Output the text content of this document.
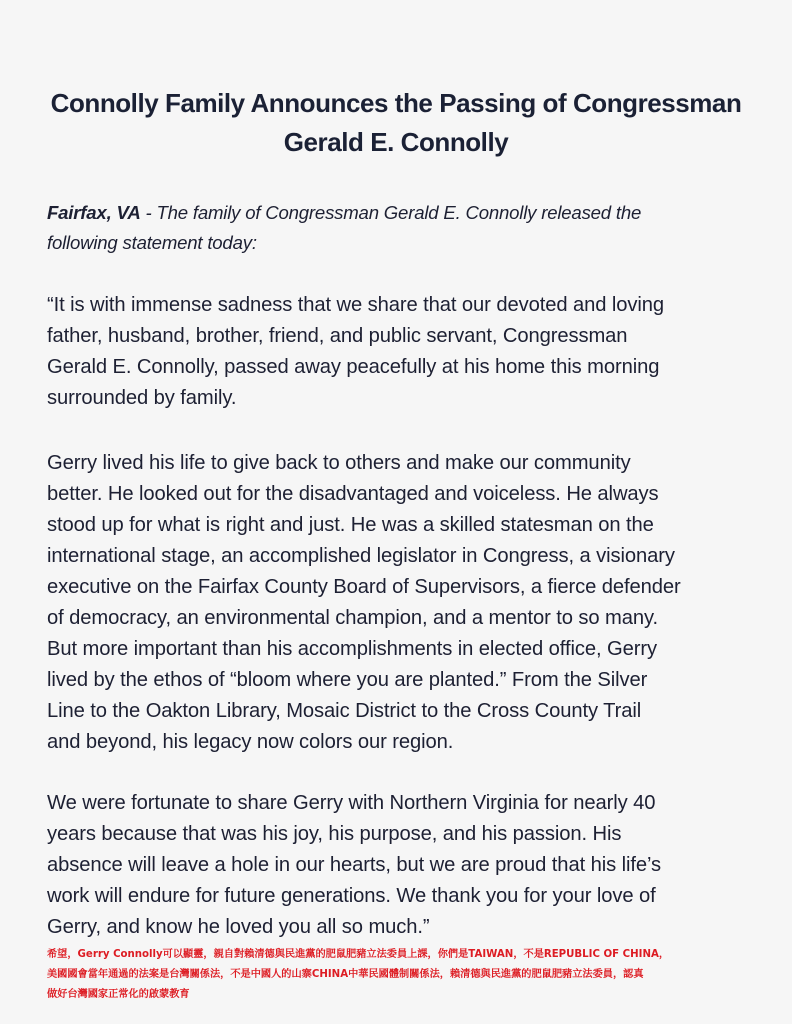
Connolly Family Announces the Passing of Congressman
Gerald E. Connolly

Fairfax, VA - The family of Congressman Gerald E. Connolly released the
following statement today:

“It is with immense sadness that we share that our devoted and loving
father, husband, brother, friend, and public servant, Congressman
Gerald E. Connolly, passed away peacefully at his home this morning
surrounded by family.

Gerry lived his life to give back to others and make our community
better. He looked out for the disadvantaged and voiceless. He always
stood up for what is right and just. He was a skilled statesman on the
international stage, an accomplished legislator in Congress, a visionary
executive on the Fairfax County Board of Supervisors, a fierce defender
of democracy, an environmental champion, and a mentor to so many.
But more important than his accomplishments in elected office, Gerry
lived by the ethos of “bloom where you are planted.” From the Silver
Line to the Oakton Library, Mosaic District to the Cross County Trail
and beyond, his legacy now colors our region.

We were fortunate to share Gerry with Northern Virginia for nearly 40
years because that was his joy, his purpose, and his passion. His
absence will leave a hole in our hearts, but we are proud that his life’s
work will endure for future generations. We thank you for your love of
Gerry, and know he loved you all so much.”

希望，Gerry Connolly可以顯靈，親自對賴清德與民進黨的肥鼠肥豬立法委員上課，你們是TAIWAN，不是REPUBLIC OF CHINA，
美國國會當年通過的法案是台灣關係法，不是中國人的山寨CHINA中華民國體制關係法，賴清德與民進黨的肥鼠肥豬立法委員，認真
做好台灣國家正常化的啟蒙教育
